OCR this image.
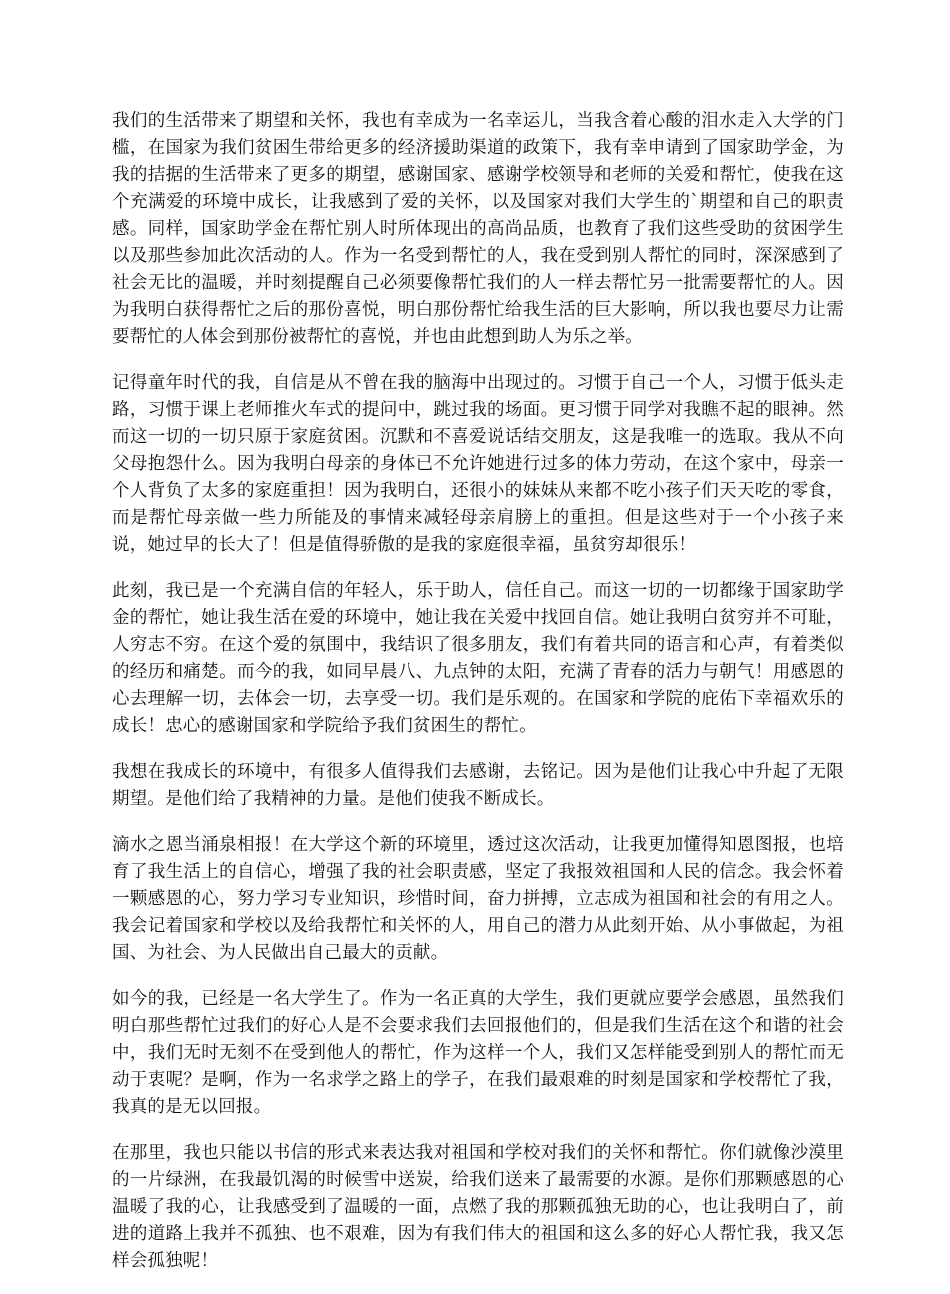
我们的生活带来了期望和关怀，我也有幸成为一名幸运儿，当我含着心酸的泪水走入大学的门槛，在国家为我们贫困生带给更多的经济援助渠道的政策下，我有幸申请到了国家助学金，为我的拮据的生活带来了更多的期望，感谢国家、感谢学校领导和老师的关爱和帮忙，使我在这个充满爱的环境中成长，让我感到了爱的关怀，以及国家对我们大学生的`期望和自己的职责感。同样，国家助学金在帮忙别人时所体现出的高尚品质，也教育了我们这些受助的贫困学生以及那些参加此次活动的人。作为一名受到帮忙的人，我在受到别人帮忙的同时，深深感到了社会无比的温暖，并时刻提醒自己必须要像帮忙我们的人一样去帮忙另一批需要帮忙的人。因为我明白获得帮忙之后的那份喜悦，明白那份帮忙给我生活的巨大影响，所以我也要尽力让需要帮忙的人体会到那份被帮忙的喜悦，并也由此想到助人为乐之举。

记得童年时代的我，自信是从不曾在我的脑海中出现过的。习惯于自己一个人，习惯于低头走路，习惯于课上老师推火车式的提问中，跳过我的场面。更习惯于同学对我瞧不起的眼神。然而这一切的一切只原于家庭贫困。沉默和不喜爱说话结交朋友，这是我唯一的选取。我从不向父母抱怨什么。因为我明白母亲的身体已不允许她进行过多的体力劳动，在这个家中，母亲一个人背负了太多的家庭重担！因为我明白，还很小的妹妹从来都不吃小孩子们天天吃的零食，而是帮忙母亲做一些力所能及的事情来减轻母亲肩膀上的重担。但是这些对于一个小孩子来说，她过早的长大了！但是值得骄傲的是我的家庭很幸福，虽贫穷却很乐！

此刻，我已是一个充满自信的年轻人，乐于助人，信任自己。而这一切的一切都缘于国家助学金的帮忙，她让我生活在爱的环境中，她让我在关爱中找回自信。她让我明白贫穷并不可耻，人穷志不穷。在这个爱的氛围中，我结识了很多朋友，我们有着共同的语言和心声，有着类似的经历和痛楚。而今的我，如同早晨八、九点钟的太阳，充满了青春的活力与朝气！用感恩的心去理解一切，去体会一切，去享受一切。我们是乐观的。在国家和学院的庇佑下幸福欢乐的成长！忠心的感谢国家和学院给予我们贫困生的帮忙。

我想在我成长的环境中，有很多人值得我们去感谢，去铭记。因为是他们让我心中升起了无限期望。是他们给了我精神的力量。是他们使我不断成长。

滴水之恩当涌泉相报！在大学这个新的环境里，透过这次活动，让我更加懂得知恩图报，也培育了我生活上的自信心，增强了我的社会职责感，坚定了我报效祖国和人民的信念。我会怀着一颗感恩的心，努力学习专业知识，珍惜时间，奋力拼搏，立志成为祖国和社会的有用之人。我会记着国家和学校以及给我帮忙和关怀的人，用自己的潜力从此刻开始、从小事做起，为祖国、为社会、为人民做出自己最大的贡献。

如今的我，已经是一名大学生了。作为一名正真的大学生，我们更就应要学会感恩，虽然我们明白那些帮忙过我们的好心人是不会要求我们去回报他们的，但是我们生活在这个和谐的社会中，我们无时无刻不在受到他人的帮忙，作为这样一个人，我们又怎样能受到别人的帮忙而无动于衷呢？是啊，作为一名求学之路上的学子，在我们最艰难的时刻是国家和学校帮忙了我，我真的是无以回报。

在那里，我也只能以书信的形式来表达我对祖国和学校对我们的关怀和帮忙。你们就像沙漠里的一片绿洲，在我最饥渴的时候雪中送炭，给我们送来了最需要的水源。是你们那颗感恩的心温暖了我的心，让我感受到了温暖的一面，点燃了我的那颗孤独无助的心，也让我明白了，前进的道路上我并不孤独、也不艰难，因为有我们伟大的祖国和这么多的好心人帮忙我，我又怎样会孤独呢！
